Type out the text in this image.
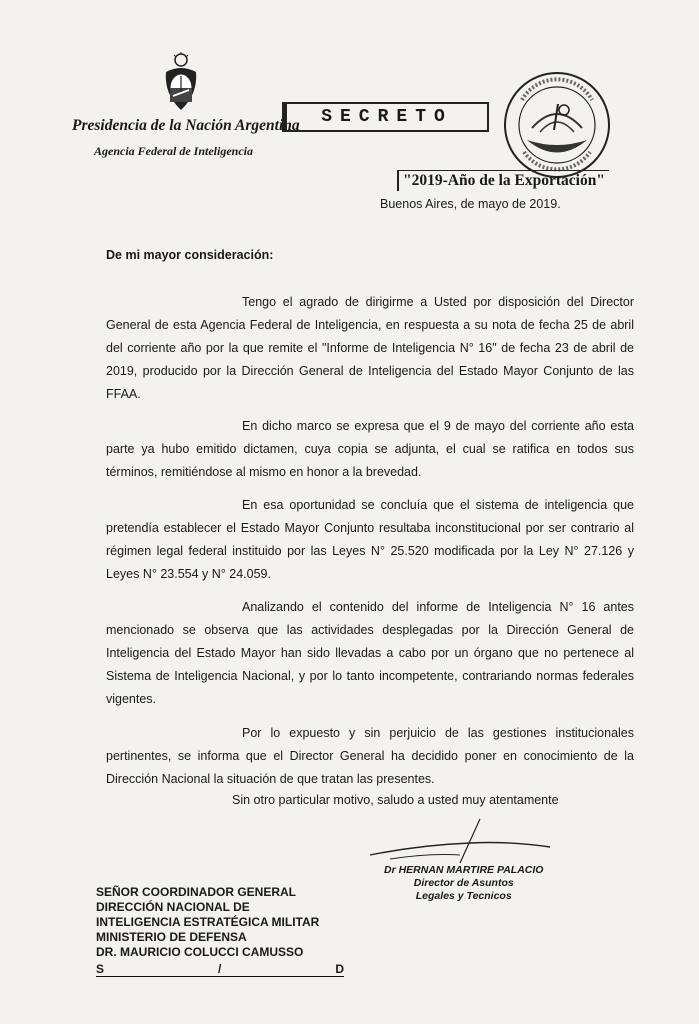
Presidencia de la Nación Argentina
Agencia Federal de Inteligencia
SECRETO
"2019-Año de la Exportación"
Buenos Aires, de mayo de 2019.
De mi mayor consideración:
Tengo el agrado de dirigirme a Usted por disposición del Director General de esta Agencia Federal de Inteligencia, en respuesta a su nota de fecha 25 de abril del corriente año por la que remite el "Informe de Inteligencia N° 16" de fecha 23 de abril de 2019, producido por la Dirección General de Inteligencia del Estado Mayor Conjunto de las FFAA.
En dicho marco se expresa que el 9 de mayo del corriente año esta parte ya hubo emitido dictamen, cuya copia se adjunta, el cual se ratifica en todos sus términos, remitiéndose al mismo en honor a la brevedad.
En esa oportunidad se concluía que el sistema de inteligencia que pretendía establecer el Estado Mayor Conjunto resultaba inconstitucional por ser contrario al régimen legal federal instituido por las Leyes N° 25.520 modificada por la Ley N° 27.126 y Leyes N° 23.554 y N° 24.059.
Analizando el contenido del informe de Inteligencia N° 16 antes mencionado se observa que las actividades desplegadas por la Dirección General de Inteligencia del Estado Mayor han sido llevadas a cabo por un órgano que no pertenece al Sistema de Inteligencia Nacional, y por lo tanto incompetente, contrariando normas federales vigentes.
Por lo expuesto y sin perjuicio de las gestiones institucionales pertinentes, se informa que el Director General ha decidido poner en conocimiento de la Dirección Nacional la situación de que tratan las presentes.
Sin otro particular motivo, saludo a usted muy atentamente
Dr HERNAN MARTIRE PALACIO
Director de Asuntos
Legales y Tecnicos
SEÑOR COORDINADOR GENERAL
DIRECCIÓN NACIONAL DE
INTELIGENCIA ESTRATÉGICA MILITAR
MINISTERIO DE DEFENSA
DR. MAURICIO COLUCCI CAMUSSO
S	/	D
